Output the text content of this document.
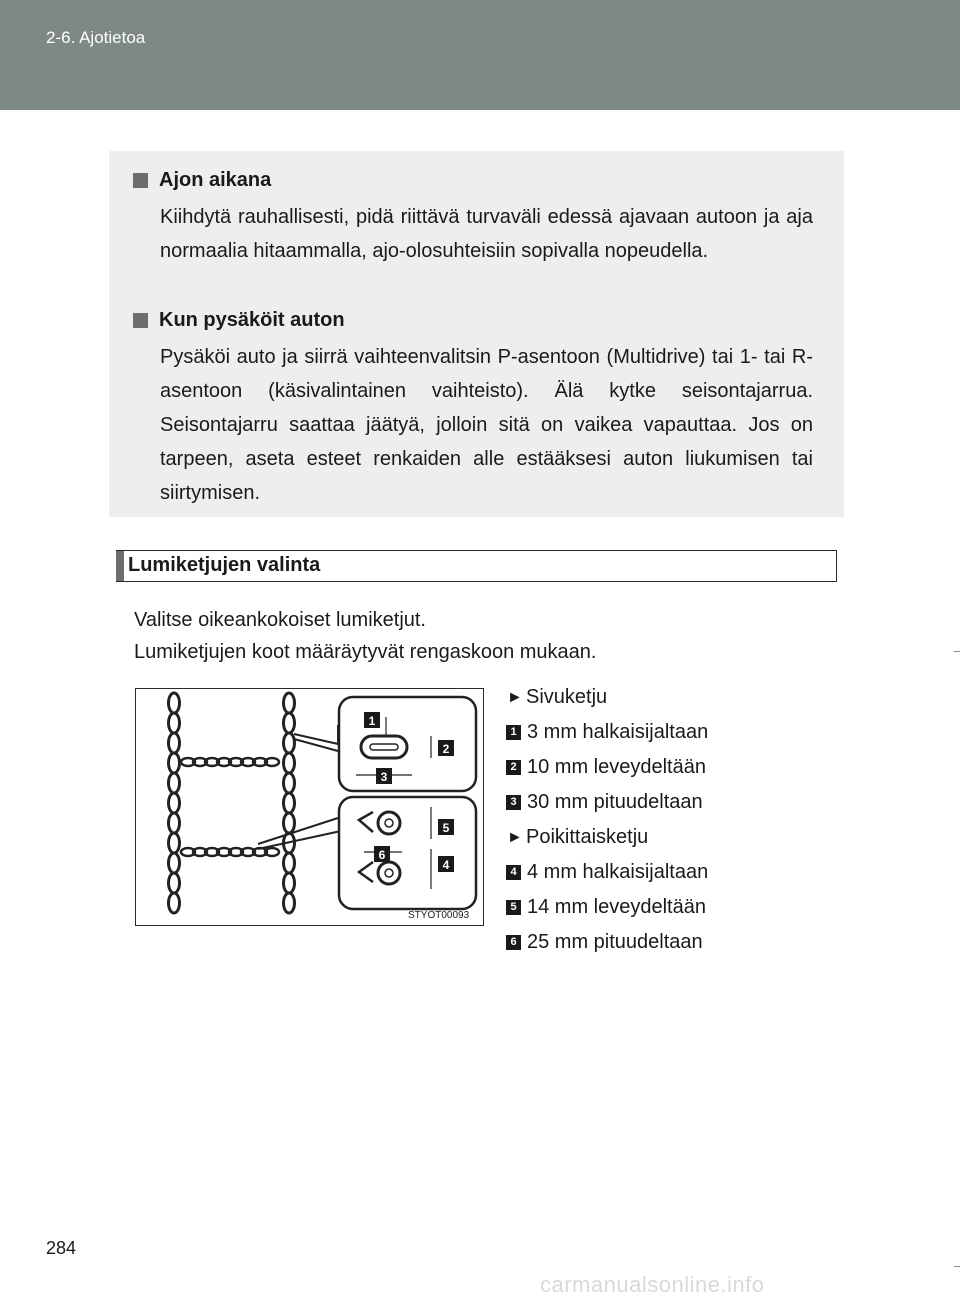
2-6. Ajotietoa
Ajon aikana
Kiihdytä rauhallisesti, pidä riittävä turvaväli edessä ajavaan autoon ja aja normaalia hitaammalla, ajo-olosuhteisiin sopivalla nopeudella.
Kun pysäköit auton
Pysäköi auto ja siirrä vaihteenvalitsin P-asentoon (Multidrive) tai 1- tai R-asentoon (käsivalintainen vaihteisto). Älä kytke seisontajarrua. Seisontajarru saattaa jäätyä, jolloin sitä on vaikea vapauttaa. Jos on tarpeen, aseta esteet renkaiden alle estääksesi auton liukumisen tai siirtymisen.
Lumiketjujen valinta
Valitse oikeankokoiset lumiketjut.
Lumiketjujen koot määräytyvät rengaskoon mukaan.
1
2
3
4
5
6
STYOT00093
► Sivuketju
1 3 mm halkaisijaltaan
2 10 mm leveydeltään
3 30 mm pituudeltaan
► Poikittaisketju
4 4 mm halkaisijaltaan
5 14 mm leveydeltään
6 25 mm pituudeltaan
284
carmanualsonline.info
